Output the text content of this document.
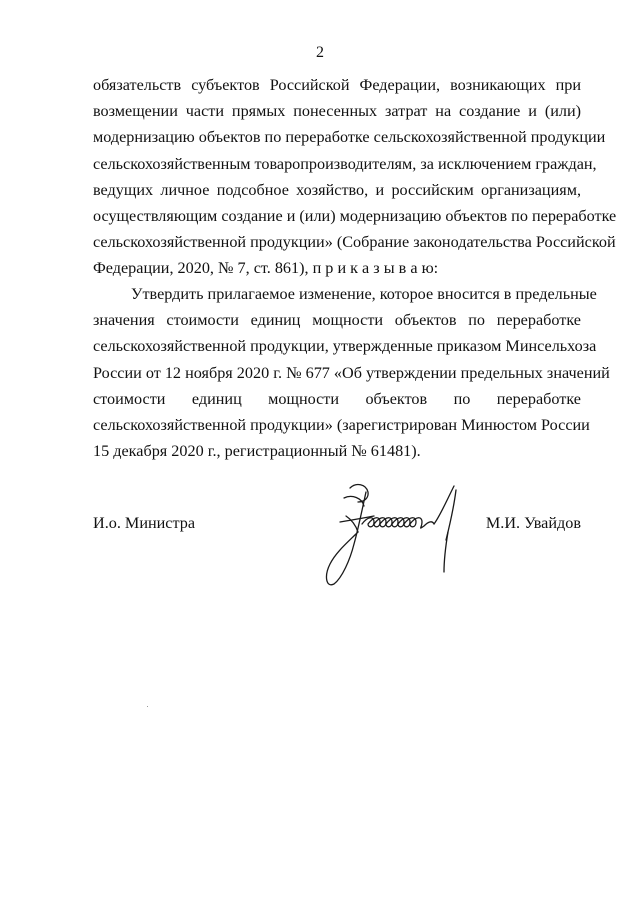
2
обязательств субъектов Российской Федерации, возникающих при
возмещении части прямых понесенных затрат на создание и (или)
модернизацию объектов по переработке сельскохозяйственной продукции
сельскохозяйственным товаропроизводителям, за исключением граждан,
ведущих личное подсобное хозяйство, и российским организациям,
осуществляющим создание и (или) модернизацию объектов по переработке
сельскохозяйственной продукции» (Собрание законодательства Российской
Федерации, 2020, № 7, ст. 861), п р и к а з ы в а ю:
Утвердить прилагаемое изменение, которое вносится в предельные
значения стоимости единиц мощности объектов по переработке
сельскохозяйственной продукции, утвержденные приказом Минсельхоза
России от 12 ноября 2020 г. № 677 «Об утверждении предельных значений
стоимости единиц мощности объектов по переработке
сельскохозяйственной продукции» (зарегистрирован Минюстом России
15 декабря 2020 г., регистрационный № 61481).
И.о. Министра	М.И. Увайдов
